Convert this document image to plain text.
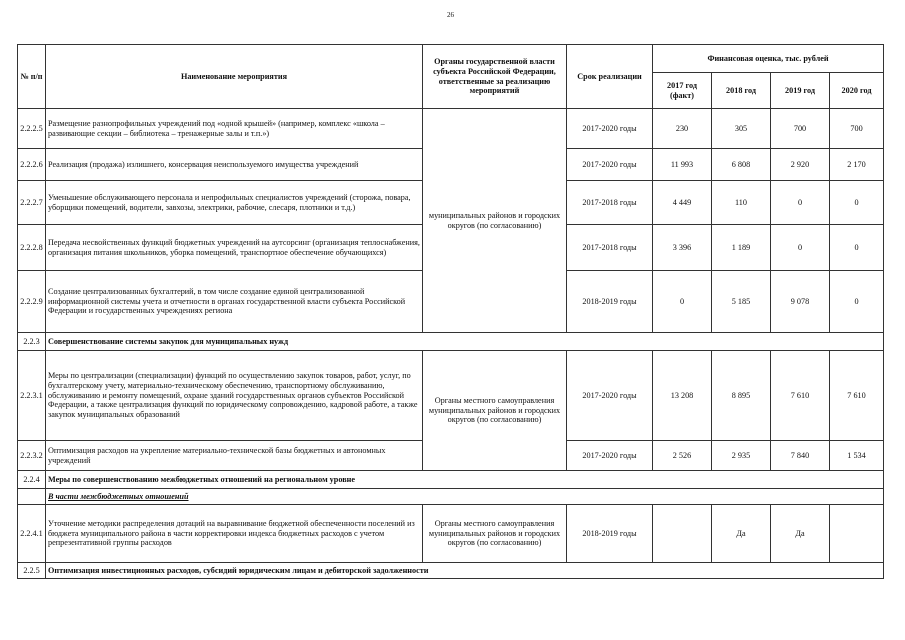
26
№ п/п	Наименование мероприятия	Органы государственной власти субъекта Российской Федерации, ответственные за реализацию мероприятий	Срок реализации	Финансовая оценка, тыс. рублей			
				2017 год (факт)	2018 год	2019 год	2020 год
2.2.2.5	Размещение разнопрофильных учреждений под «одной крышей» (например, комплекс «школа – развивающие секции – библиотека – тренажерные залы и т.п.»)	муниципальных районов и городских округов (по согласованию)	2017-2020 годы	230	305	700	700
2.2.2.6	Реализация (продажа) излишнего, консервация неиспользуемого имущества учреждений		2017-2020 годы	11 993	6 808	2 920	2 170
2.2.2.7	Уменьшение обслуживающего персонала и непрофильных специалистов учреждений (сторожа, повара, уборщики помещений, водители, завхозы, электрики, рабочие, слесаря, плотники и т.д.)		2017-2018 годы	4 449	110	0	0
2.2.2.8	Передача несвойственных функций бюджетных учреждений на аутсорсинг (организация теплоснабжения, организация питания школьников, уборка помещений, транспортное обеспечение обучающихся)		2017-2018 годы	3 396	1 189	0	0
2.2.2.9	Создание централизованных бухгалтерий, в том числе создание единой централизованной информационной системы учета и отчетности в органах государственной власти субъекта Российской Федерации и государственных учреждениях региона		2018-2019 годы	0	5 185	9 078	0
2.2.3	Совершенствование системы закупок для муниципальных нужд						
2.2.3.1	Меры по централизации (специализации) функций по осуществлению закупок товаров, работ, услуг, по бухгалтерскому учету, материально-техническому обеспечению, транспортному обслуживанию, обслуживанию и ремонту помещений, охране зданий государственных органов субъектов Российской Федерации, а также централизация функций по юридическому сопровождению, кадровой работе, а также закупок муниципальных образований	Органы местного самоуправления муниципальных районов и городских округов (по согласованию)	2017-2020 годы	13 208	8 895	7 610	7 610
2.2.3.2	Оптимизация расходов на укрепление материально-технической базы бюджетных и автономных учреждений		2017-2020 годы	2 526	2 935	7 840	1 534
2.2.4	Меры по совершенствованию межбюджетных отношений на региональном уровне						
	В части межбюджетных отношений						
2.2.4.1	Уточнение методики распределения дотаций на выравнивание бюджетной обеспеченности поселений из бюджета муниципального района в части корректировки индекса бюджетных расходов с учетом репрезентативной группы расходов	Органы местного самоуправления муниципальных районов и городских округов (по согласованию)	2018-2019 годы		Да	Да	
2.2.5	Оптимизация инвестиционных расходов, субсидий юридическим лицам и дебиторской задолженности						
